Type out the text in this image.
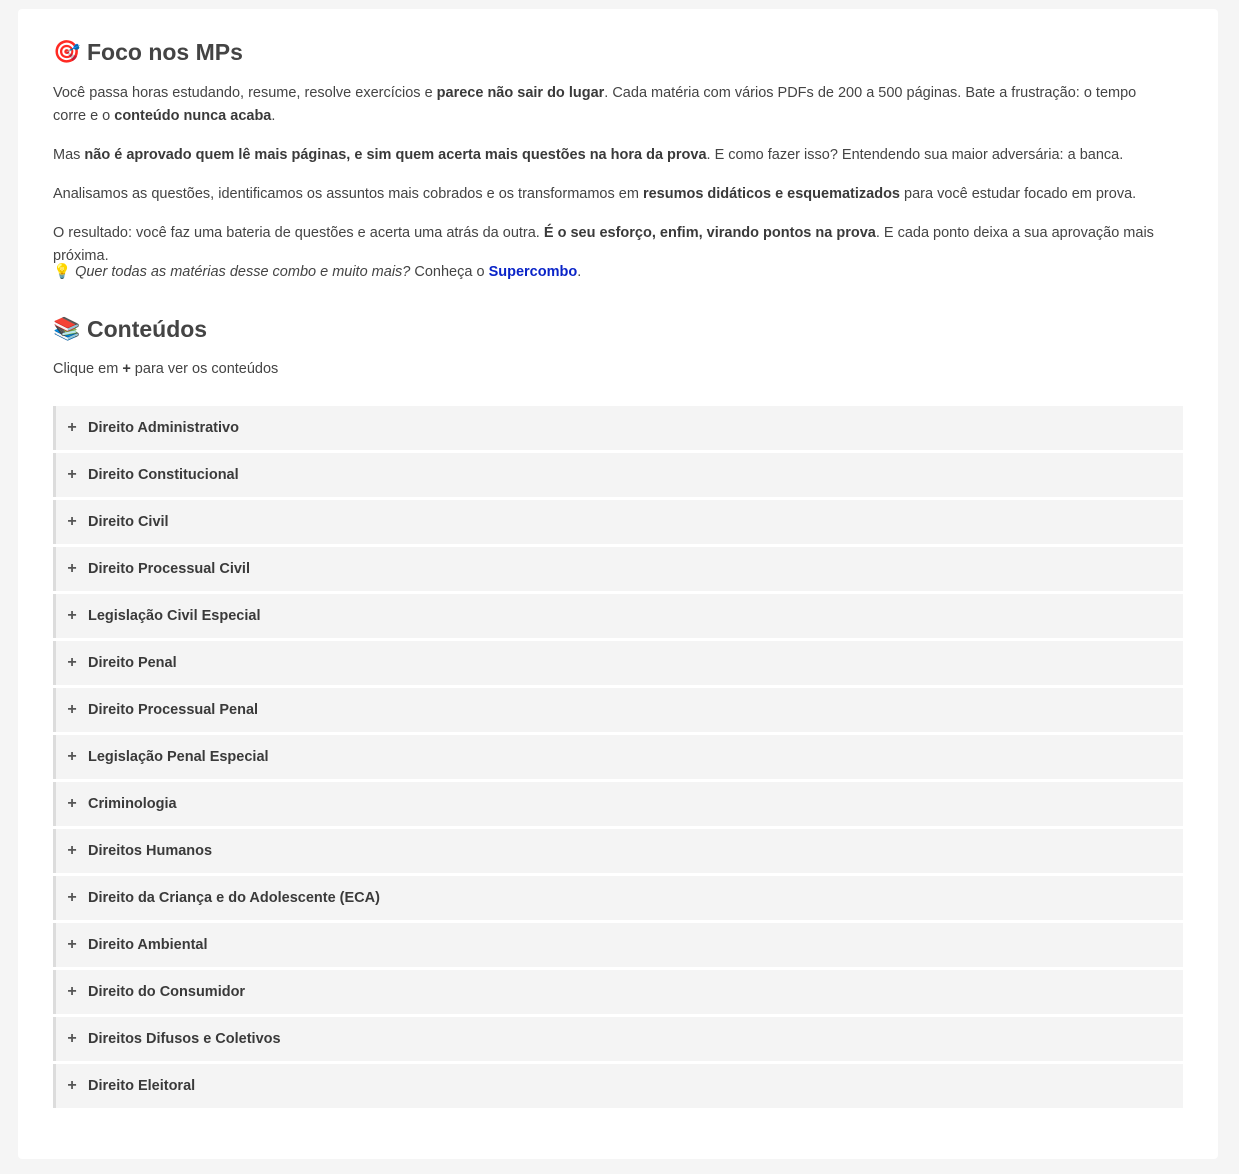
🎯 Foco nos MPs

Você passa horas estudando, resume, resolve exercícios e parece não sair do lugar. Cada matéria com vários PDFs de 200 a 500 páginas. Bate a frustração: o tempo corre e o conteúdo nunca acaba.

Mas não é aprovado quem lê mais páginas, e sim quem acerta mais questões na hora da prova. E como fazer isso? Entendendo sua maior adversária: a banca.

Analisamos as questões, identificamos os assuntos mais cobrados e os transformamos em resumos didáticos e esquematizados para você estudar focado em prova.

O resultado: você faz uma bateria de questões e acerta uma atrás da outra. É o seu esforço, enfim, virando pontos na prova. E cada ponto deixa a sua aprovação mais próxima.

💡 Quer todas as matérias desse combo e muito mais? Conheça o Supercombo.

📚 Conteúdos

Clique em + para ver os conteúdos

+ Direito Administrativo
+ Direito Constitucional
+ Direito Civil
+ Direito Processual Civil
+ Legislação Civil Especial
+ Direito Penal
+ Direito Processual Penal
+ Legislação Penal Especial
+ Criminologia
+ Direitos Humanos
+ Direito da Criança e do Adolescente (ECA)
+ Direito Ambiental
+ Direito do Consumidor
+ Direitos Difusos e Coletivos
+ Direito Eleitoral
